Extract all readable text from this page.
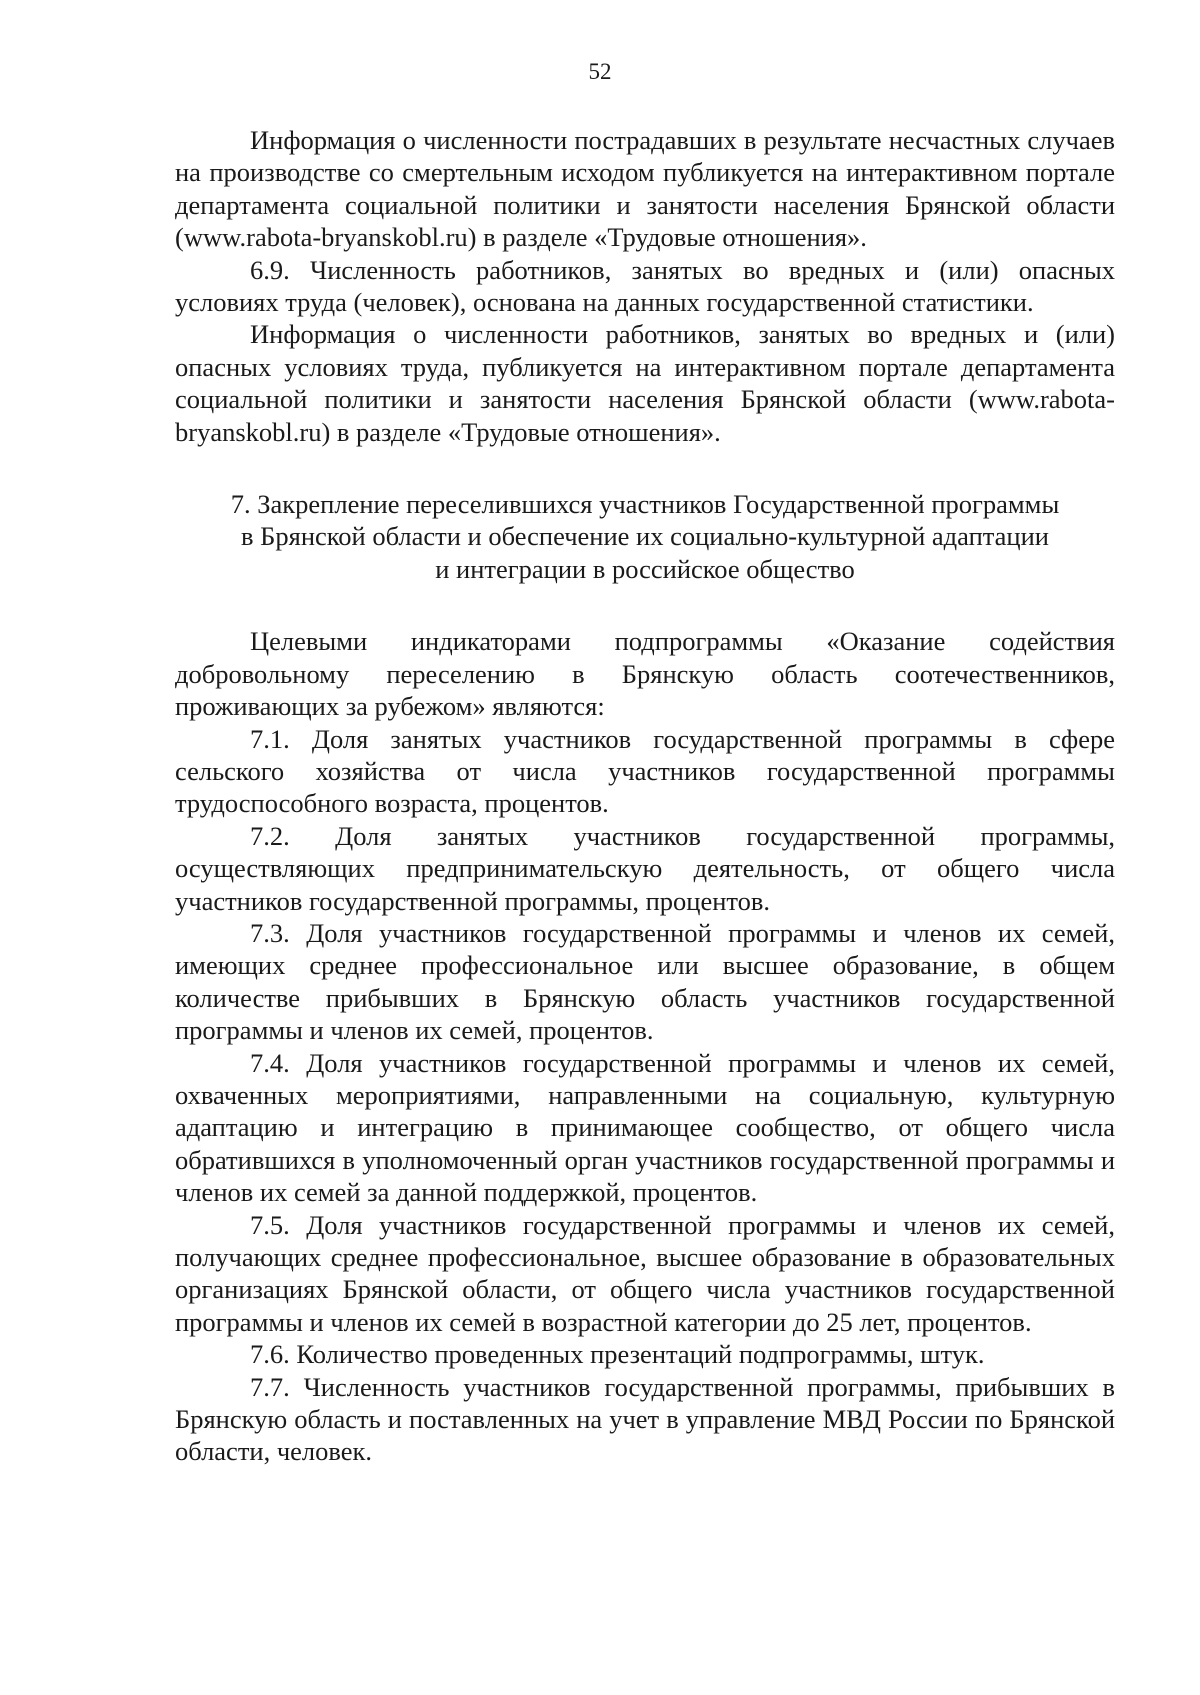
52

Информация о численности пострадавших в результате несчастных случаев на производстве со смертельным исходом публикуется на интерактивном портале департамента социальной политики и занятости населения Брянской области (www.rabota-bryanskobl.ru) в разделе «Трудовые отношения».

6.9. Численность работников, занятых во вредных и (или) опасных условиях труда (человек), основана на данных государственной статистики.

Информация о численности работников, занятых во вредных и (или) опасных условиях труда, публикуется на интерактивном портале департамента социальной политики и занятости населения Брянской области (www.rabota-bryanskobl.ru) в разделе «Трудовые отношения».

7. Закрепление переселившихся участников Государственной программы
в Брянской области и обеспечение их социально-культурной адаптации
и интеграции в российское общество

Целевыми индикаторами подпрограммы «Оказание содействия добровольному переселению в Брянскую область соотечественников, проживающих за рубежом» являются:

7.1. Доля занятых участников государственной программы в сфере сельского хозяйства от числа участников государственной программы трудоспособного возраста, процентов.

7.2. Доля занятых участников государственной программы, осуществляющих предпринимательскую деятельность, от общего числа участников государственной программы, процентов.

7.3. Доля участников государственной программы и членов их семей, имеющих среднее профессиональное или высшее образование, в общем количестве прибывших в Брянскую область участников государственной программы и членов их семей, процентов.

7.4. Доля участников государственной программы и членов их семей, охваченных мероприятиями, направленными на социальную, культурную адаптацию и интеграцию в принимающее сообщество, от общего числа обратившихся в уполномоченный орган участников государственной программы и членов их семей за данной поддержкой, процентов.

7.5. Доля участников государственной программы и членов их семей, получающих среднее профессиональное, высшее образование в образовательных организациях Брянской области, от общего числа участников государственной программы и членов их семей в возрастной категории до 25 лет, процентов.

7.6. Количество проведенных презентаций подпрограммы, штук.

7.7. Численность участников государственной программы, прибывших в Брянскую область и поставленных на учет в управление МВД России по Брянской области, человек.
